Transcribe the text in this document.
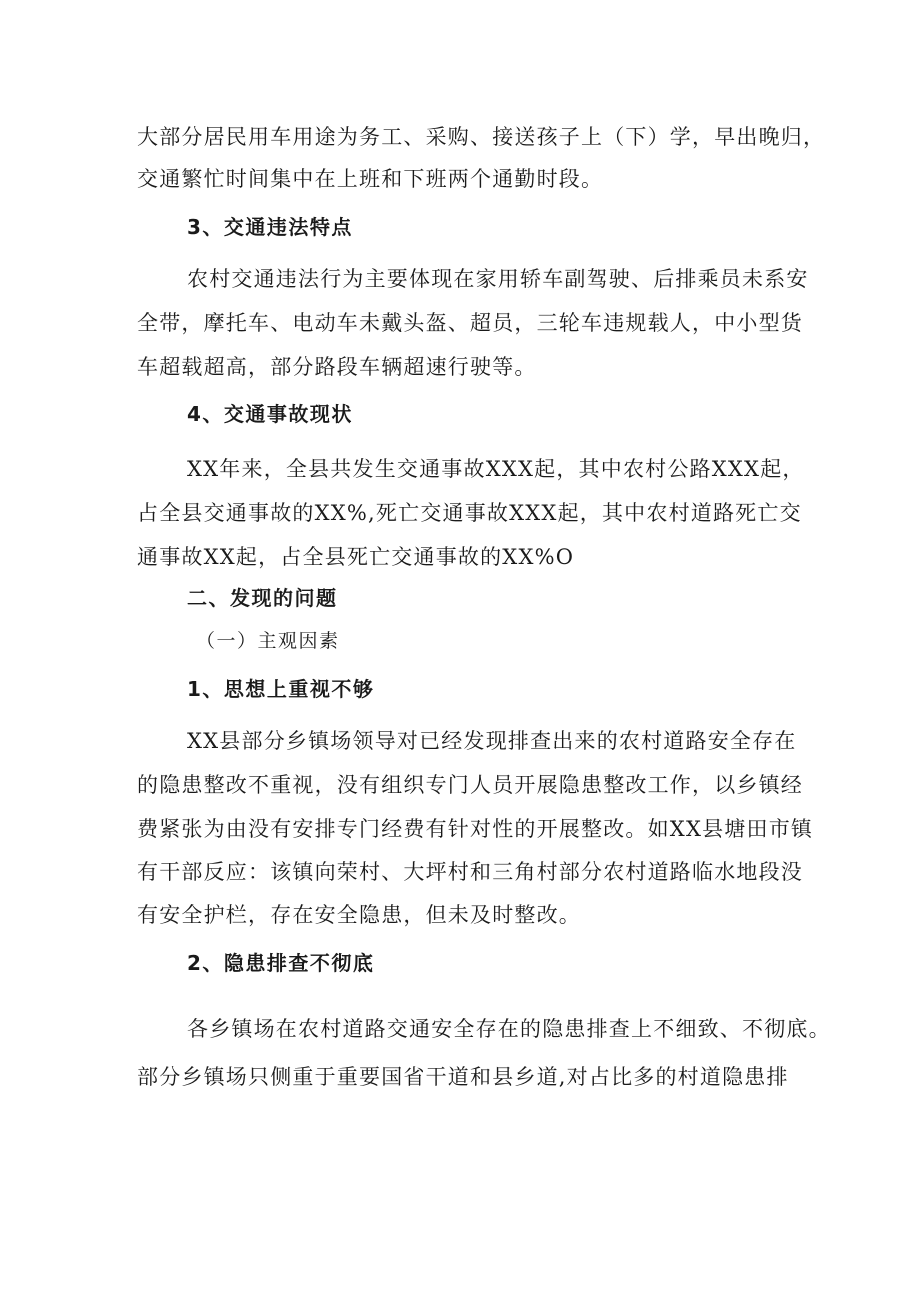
大部分居民用车用途为务工、采购、接送孩子上（下）学，早出晚归，
交通繁忙时间集中在上班和下班两个通勤时段。
3、交通违法特点
农村交通违法行为主要体现在家用轿车副驾驶、后排乘员未系安
全带，摩托车、电动车未戴头盔、超员，三轮车违规载人，中小型货
车超载超高，部分路段车辆超速行驶等。
4、交通事故现状
XX年来，全县共发生交通事故XXX起，其中农村公路XXX起，
占全县交通事故的XX%,死亡交通事故XXX起，其中农村道路死亡交
通事故XX起，占全县死亡交通事故的XX%O
二、发现的问题
（一）主观因素
1、思想上重视不够
XX县部分乡镇场领导对已经发现排查出来的农村道路安全存在
的隐患整改不重视，没有组织专门人员开展隐患整改工作，以乡镇经
费紧张为由没有安排专门经费有针对性的开展整改。如XX县塘田市镇
有干部反应：该镇向荣村、大坪村和三角村部分农村道路临水地段没
有安全护栏，存在安全隐患，但未及时整改。
2、隐患排查不彻底
各乡镇场在农村道路交通安全存在的隐患排查上不细致、不彻底。
部分乡镇场只侧重于重要国省干道和县乡道,对占比多的村道隐患排
